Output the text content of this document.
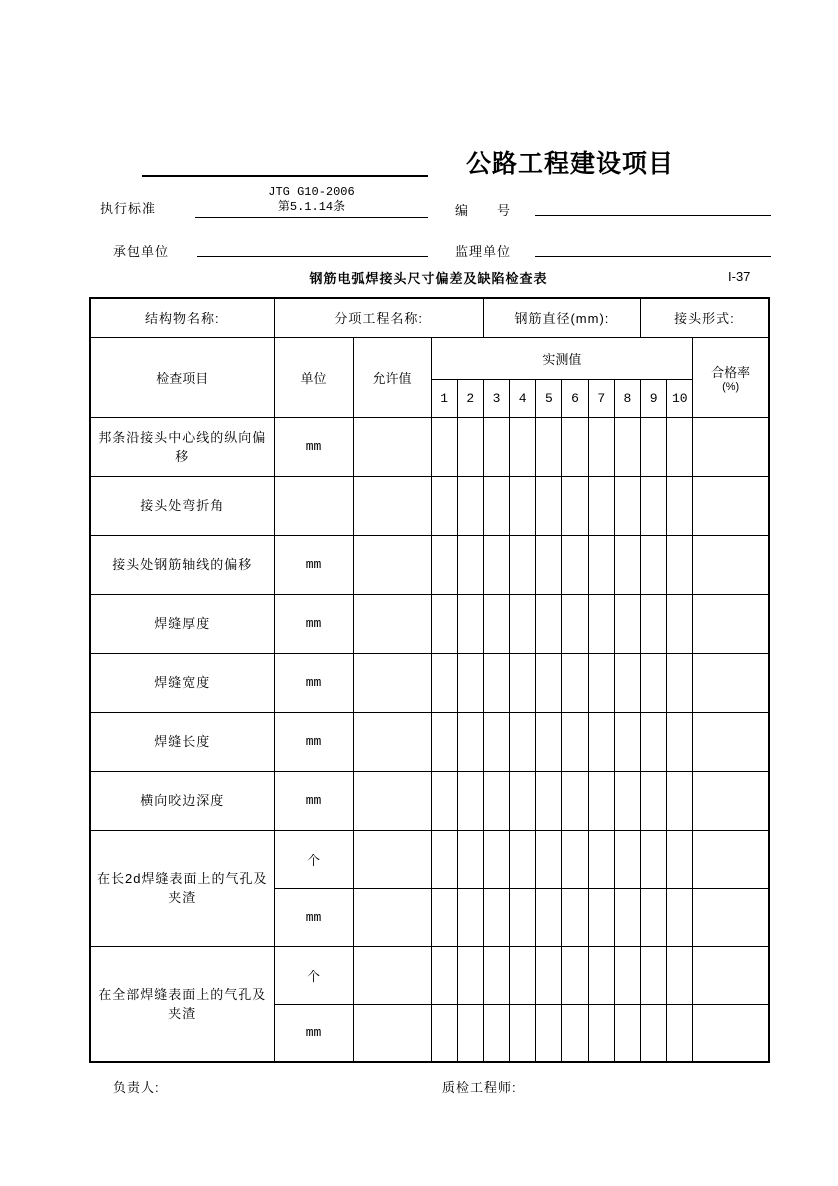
公路工程建设项目
执行标准
JTG G10-2006
第5.1.14条	编　　号
承包单位	监理单位
钢筋电弧焊接头尺寸偏差及缺陷检查表	I-37
结构物名称:	分项工程名称:				钢筋直径(mm):						接头形式:		
检查项目	单位	允许值	实测值										合格率
(%)

			1	2	3	4	5	6	7	8	9	10	
邦条沿接头中心线的纵向偏移	mm												
接头处弯折角													
接头处钢筋轴线的偏移	mm												
焊缝厚度	mm												
焊缝宽度	mm												
焊缝长度	mm												
横向咬边深度	mm												
在长2d焊缝表面上的气孔及夹渣	个												
	mm												
在全部焊缝表面上的气孔及夹渣	个												
	mm												
负责人:	质检工程师:
